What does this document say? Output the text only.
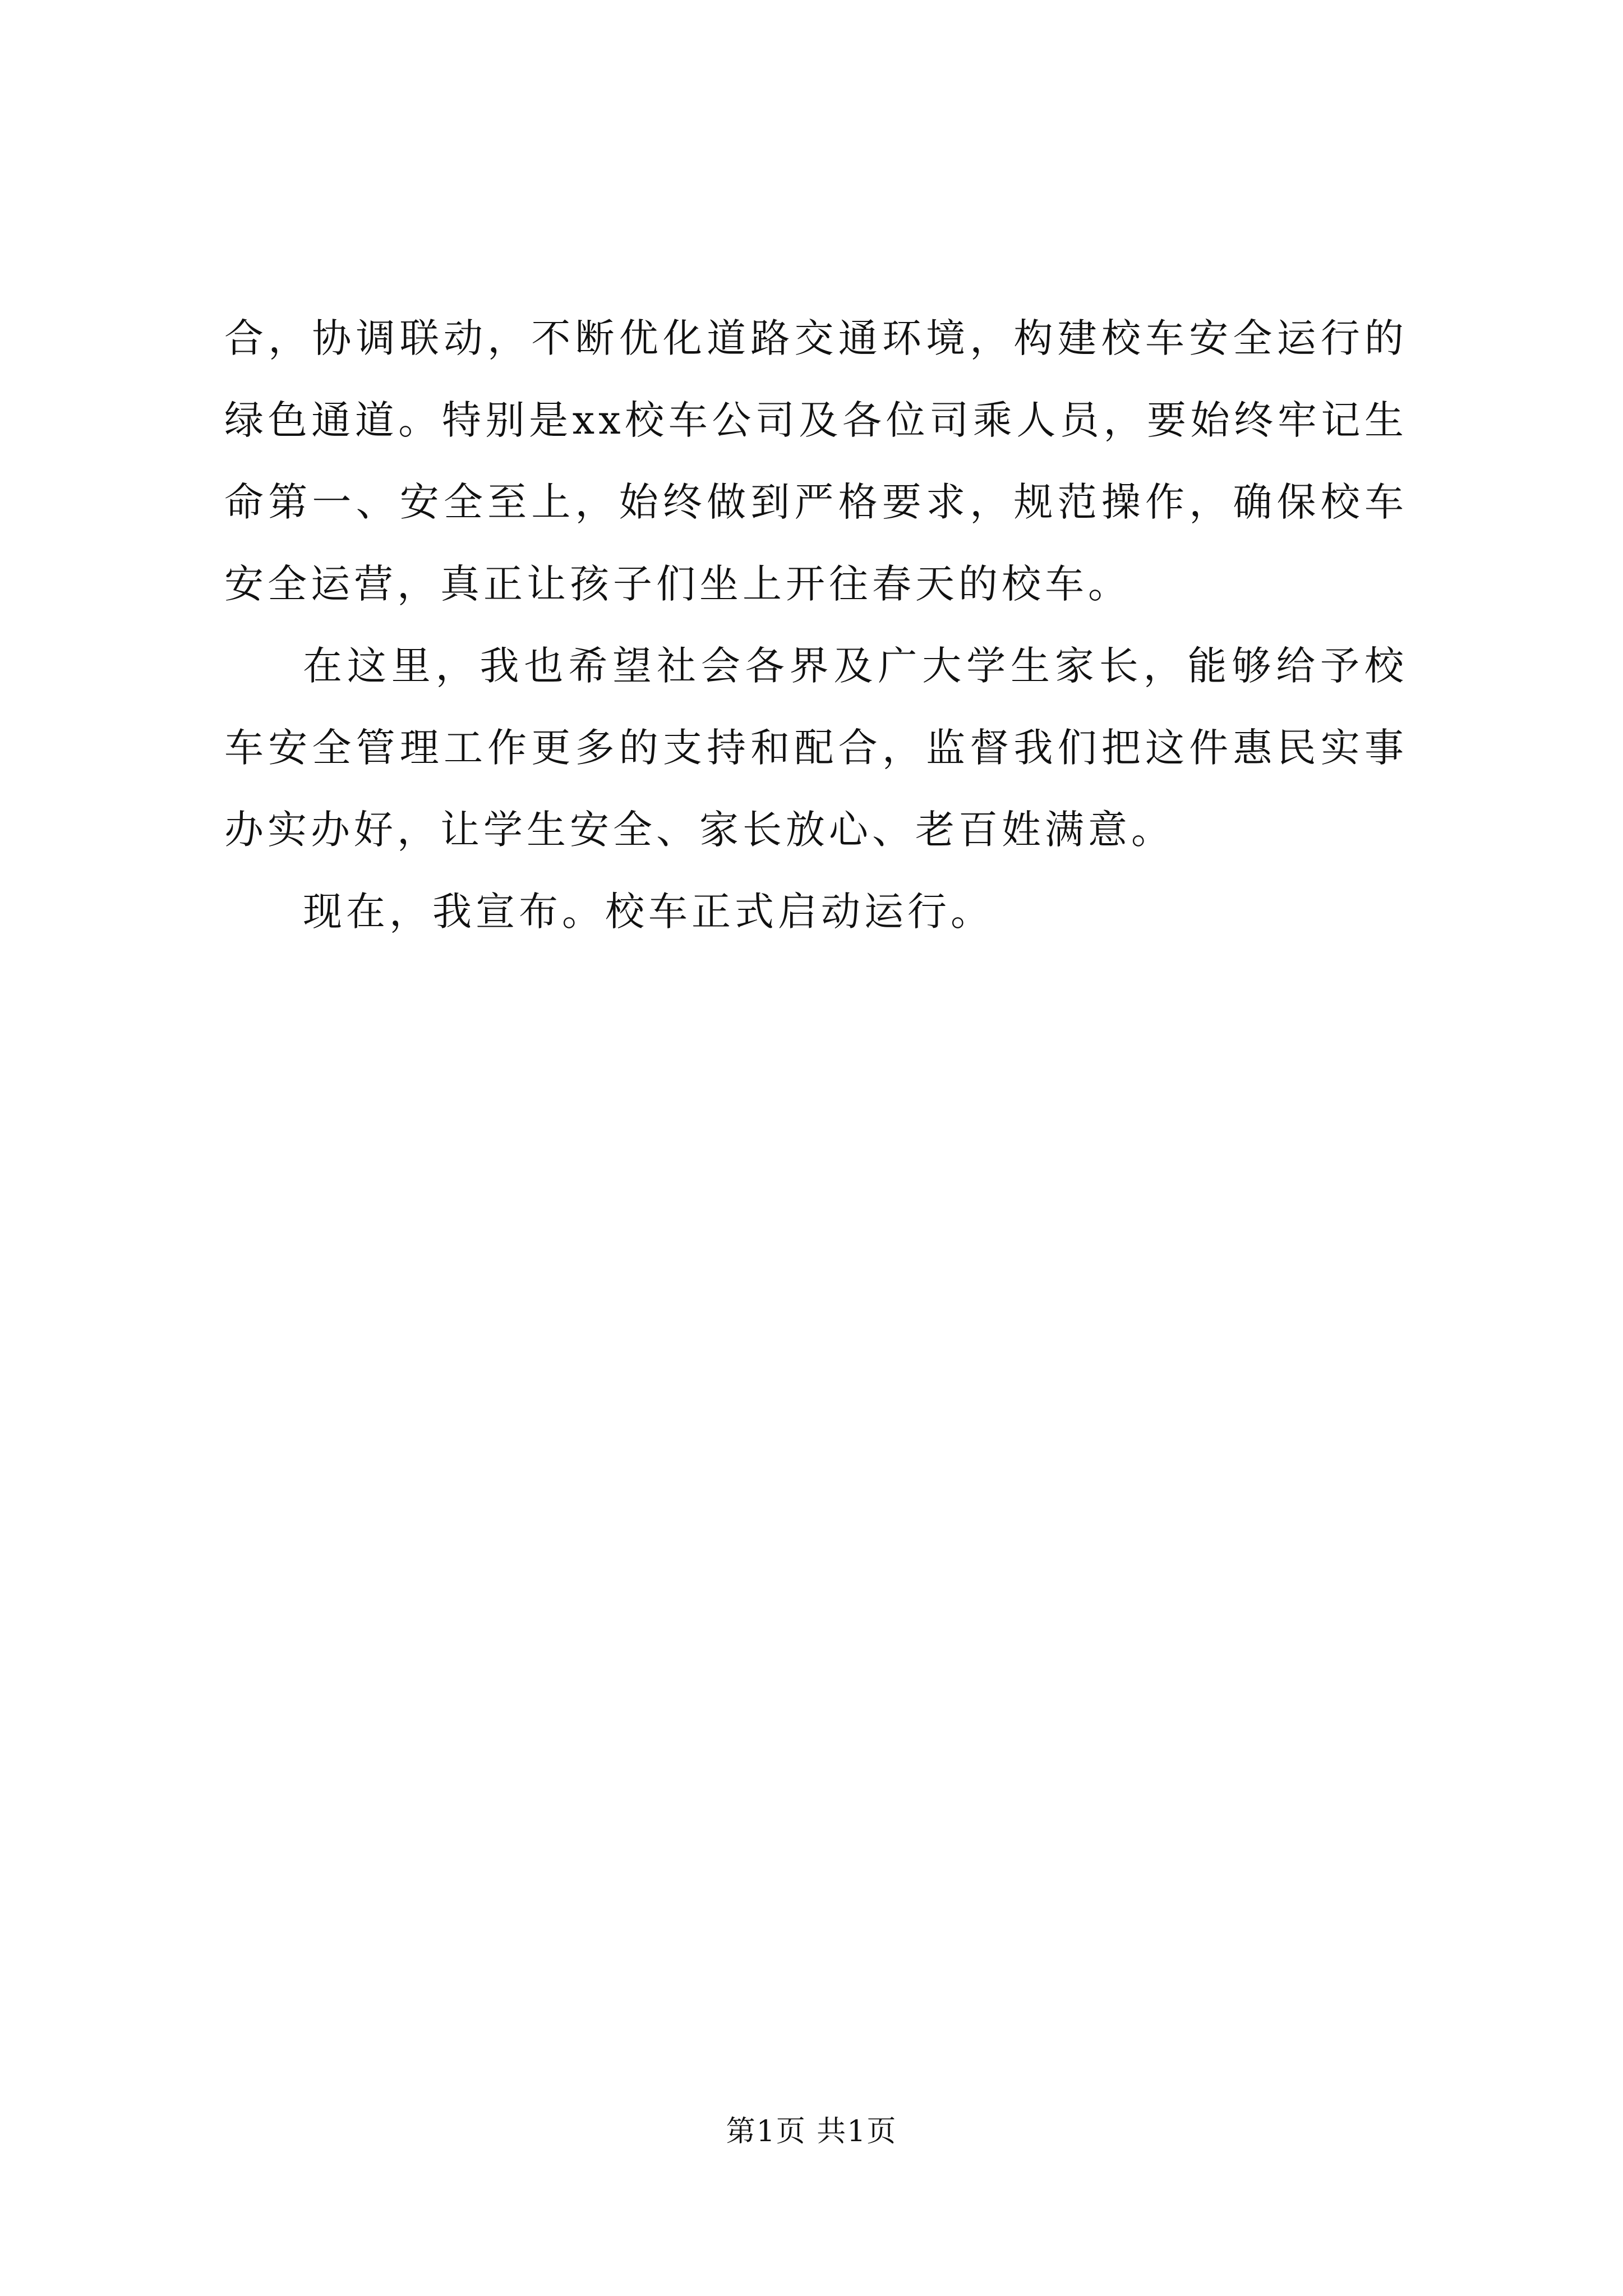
合，协调联动，不断优化道路交通环境，构建校车安全运行的绿色通道。特别是xx校车公司及各位司乘人员，要始终牢记生命第一、安全至上，始终做到严格要求，规范操作，确保校车安全运营，真正让孩子们坐上开往春天的校车。

在这里，我也希望社会各界及广大学生家长，能够给予校车安全管理工作更多的支持和配合，监督我们把这件惠民实事办实办好，让学生安全、家长放心、老百姓满意。

现在，我宣布。校车正式启动运行。

第1页 共1页
